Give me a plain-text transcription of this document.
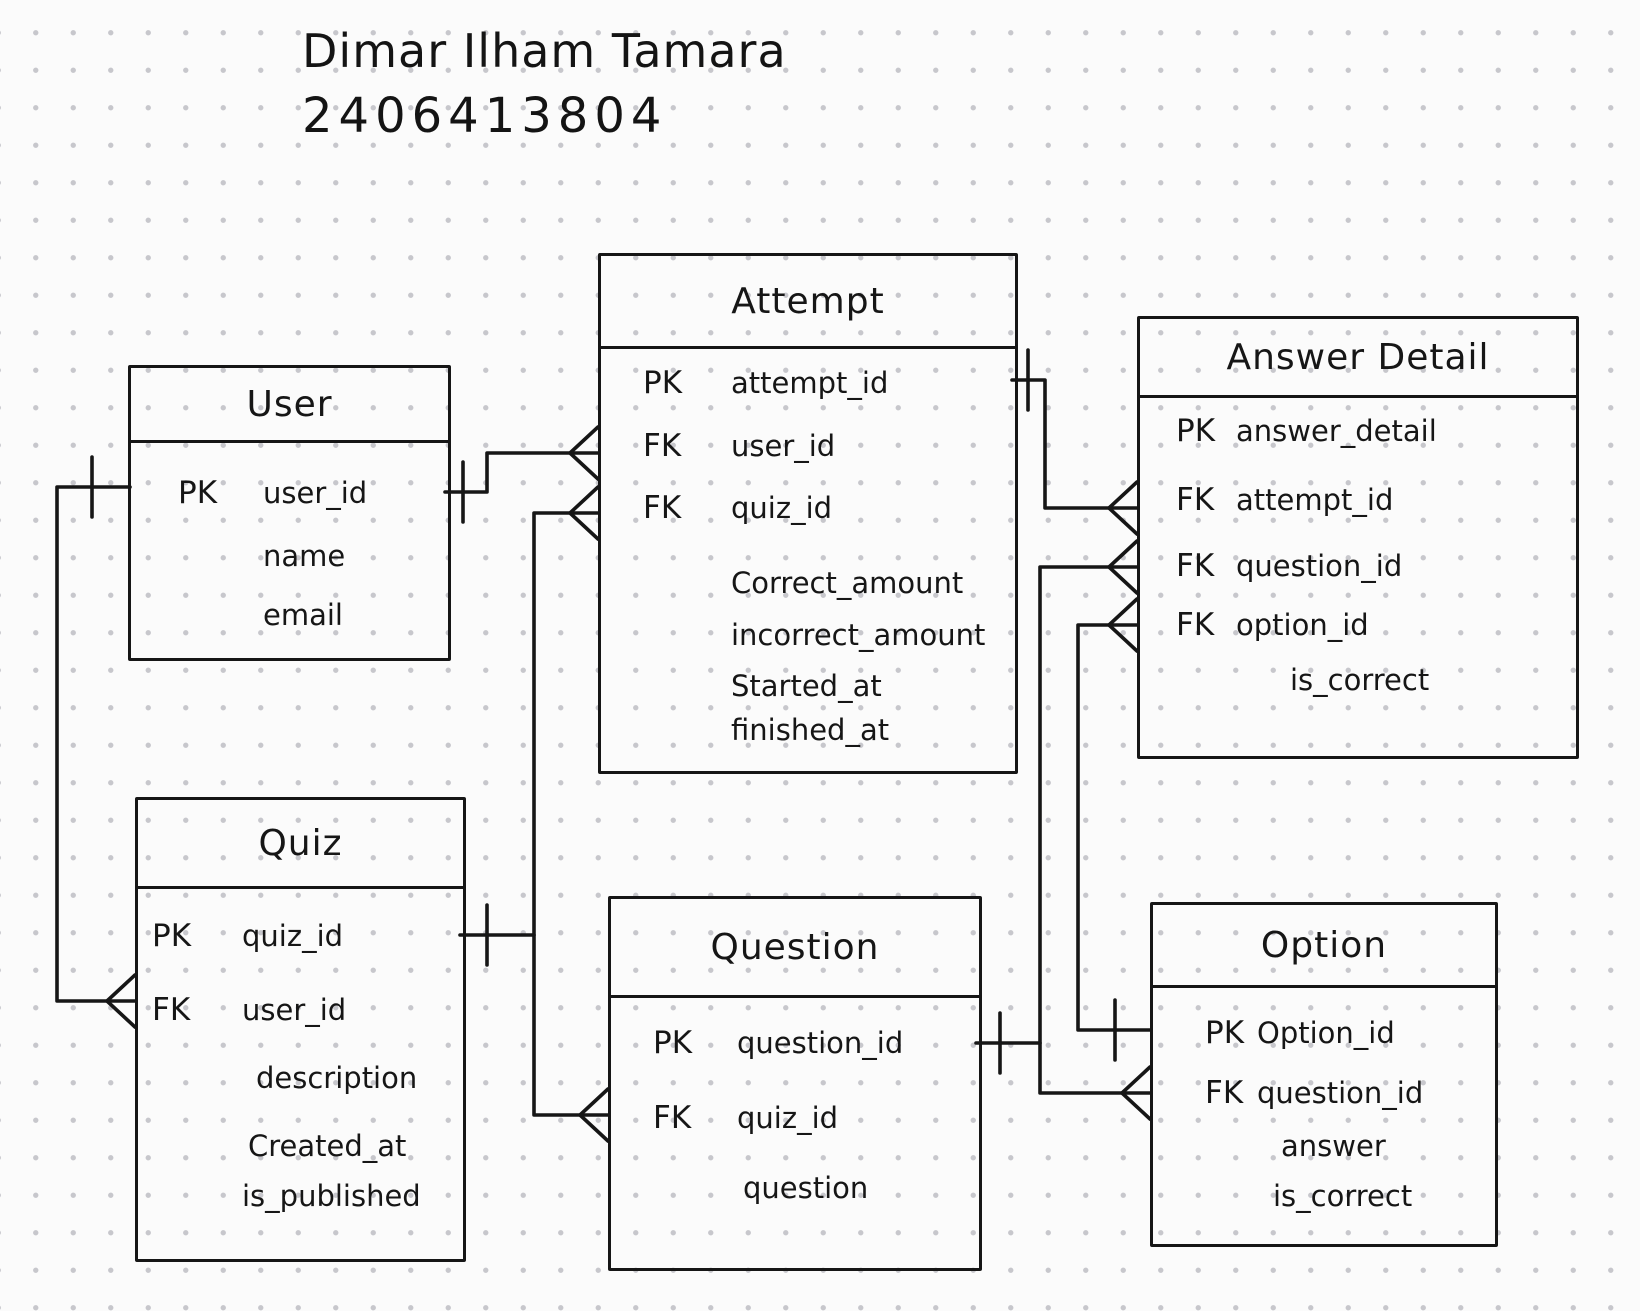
Dimar Ilham Tamara
2406413804
User
PK user_id
name
email
Attempt
PK attempt_id
FK user_id
FK quiz_id
Correct_amount
incorrect_amount
Started_at
finished_at
Answer Detail
PK answer_detail
FK attempt_id
FK question_id
FK option_id
is_correct
Quiz
PK quiz_id
FK user_id
description
Created_at
is_published
Question
PK question_id
FK quiz_id
question
Option
PK Option_id
FK question_id
answer
is_correct
